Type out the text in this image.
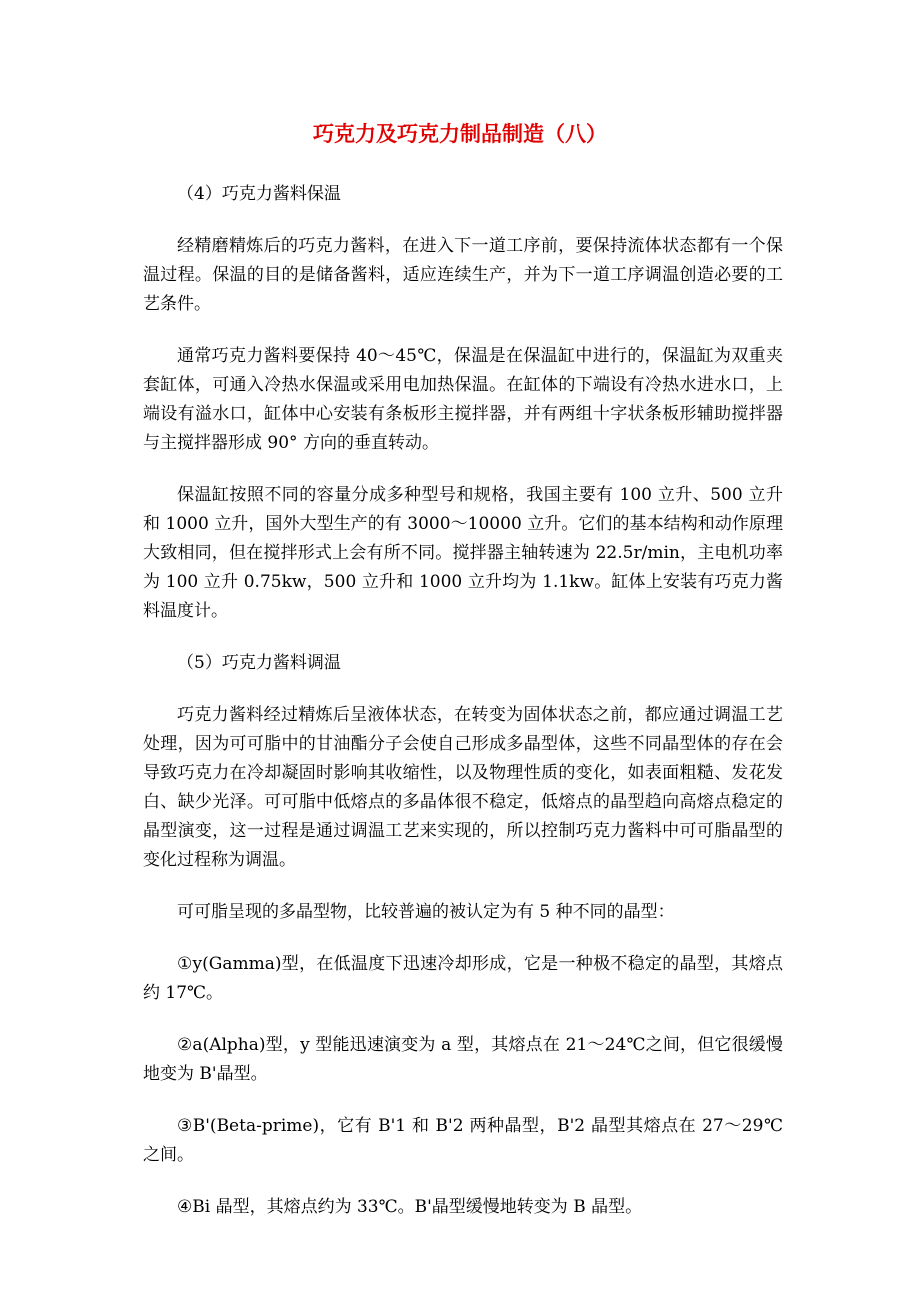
巧克力及巧克力制品制造（八）

（4）巧克力酱料保温

经精磨精炼后的巧克力酱料，在进入下一道工序前，要保持流体状态都有一个保温过程。保温的目的是储备酱料，适应连续生产，并为下一道工序调温创造必要的工艺条件。

通常巧克力酱料要保持 40～45℃，保温是在保温缸中进行的，保温缸为双重夹套缸体，可通入冷热水保温或采用电加热保温。在缸体的下端设有冷热水进水口，上端设有溢水口，缸体中心安装有条板形主搅拌器，并有两组十字状条板形辅助搅拌器与主搅拌器形成 90° 方向的垂直转动。

保温缸按照不同的容量分成多种型号和规格，我国主要有 100 立升、500 立升和 1000 立升，国外大型生产的有 3000～10000 立升。它们的基本结构和动作原理大致相同，但在搅拌形式上会有所不同。搅拌器主轴转速为 22.5r/min，主电机功率为 100 立升 0.75kw，500 立升和 1000 立升均为 1.1kw。缸体上安装有巧克力酱料温度计。

（5）巧克力酱料调温

巧克力酱料经过精炼后呈液体状态，在转变为固体状态之前，都应通过调温工艺处理，因为可可脂中的甘油酯分子会使自己形成多晶型体，这些不同晶型体的存在会导致巧克力在冷却凝固时影响其收缩性，以及物理性质的变化，如表面粗糙、发花发白、缺少光泽。可可脂中低熔点的多晶体很不稳定，低熔点的晶型趋向高熔点稳定的晶型演变，这一过程是通过调温工艺来实现的，所以控制巧克力酱料中可可脂晶型的变化过程称为调温。

可可脂呈现的多晶型物，比较普遍的被认定为有 5 种不同的晶型：

①y(Gamma)型，在低温度下迅速冷却形成，它是一种极不稳定的晶型，其熔点约 17℃。

②a(Alpha)型，y 型能迅速演变为 a 型，其熔点在 21～24℃之间，但它很缓慢地变为 B'晶型。

③B'(Beta-prime)，它有 B'1 和 B'2 两种晶型，B'2 晶型其熔点在 27～29℃之间。

④Bi 晶型，其熔点约为 33℃。B'晶型缓慢地转变为 B 晶型。
